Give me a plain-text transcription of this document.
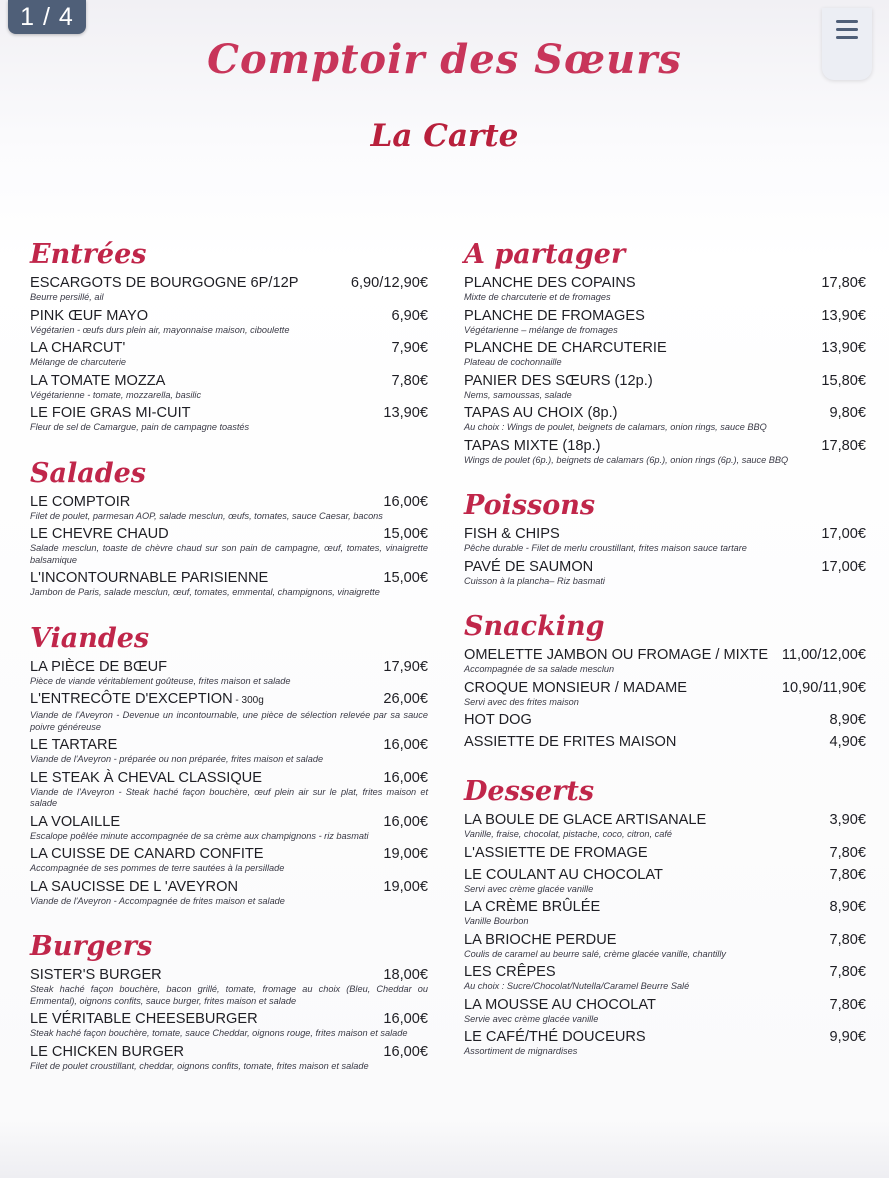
1 / 4
Comptoir des Sœurs
La Carte
Entrées
ESCARGOTS DE BOURGOGNE 6P/12P	6,90/12,90€
Beurre persillé, ail
PINK ŒUF MAYO	6,90€
Végétarien - œufs durs plein air, mayonnaise maison, ciboulette
LA CHARCUT'	7,90€
Mélange de charcuterie
LA TOMATE MOZZA	7,80€
Végétarienne - tomate, mozzarella, basilic
LE FOIE GRAS MI-CUIT	13,90€
Fleur de sel de Camargue, pain de campagne toastés
Salades
LE COMPTOIR	16,00€
Filet de poulet, parmesan AOP, salade mesclun, œufs, tomates, sauce Caesar, bacons
LE CHEVRE CHAUD	15,00€
Salade mesclun, toaste de chèvre chaud sur son pain de campagne, œuf, tomates, vinaigrette balsamique
L'INCONTOURNABLE PARISIENNE	15,00€
Jambon de Paris, salade mesclun, œuf, tomates, emmental, champignons, vinaigrette
Viandes
LA PIÈCE DE BŒUF	17,90€
Pièce de viande véritablement goûteuse, frites maison et salade
L'ENTRECÔTE D'EXCEPTION - 300g	26,00€
Viande de l'Aveyron - Devenue un incontournable, une pièce de sélection relevée par sa sauce poivre généreuse
LE TARTARE	16,00€
Viande de l'Aveyron - préparée ou non préparée, frites maison et salade
LE STEAK À CHEVAL CLASSIQUE	16,00€
Viande de l'Aveyron - Steak haché façon bouchère, œuf plein air sur le plat, frites maison et salade
LA VOLAILLE	16,00€
Escalope poêlée minute accompagnée de sa crème aux champignons - riz basmati
LA CUISSE DE CANARD CONFITE	19,00€
Accompagnée de ses pommes de terre sautées à la persillade
LA SAUCISSE DE L 'AVEYRON	19,00€
Viande de l'Aveyron - Accompagnée de frites maison et salade
Burgers
SISTER'S BURGER	18,00€
Steak haché façon bouchère, bacon grillé, tomate, fromage au choix (Bleu, Cheddar ou Emmental), oignons confits, sauce burger, frites maison et salade
LE VÉRITABLE CHEESEBURGER	16,00€
Steak haché façon bouchère, tomate, sauce Cheddar, oignons rouge, frites maison et salade
LE CHICKEN BURGER	16,00€
Filet de poulet croustillant, cheddar, oignons confits, tomate, frites maison et salade
A partager
PLANCHE DES COPAINS	17,80€
Mixte de charcuterie et de fromages
PLANCHE DE FROMAGES	13,90€
Végétarienne – mélange de fromages
PLANCHE DE CHARCUTERIE	13,90€
Plateau de cochonnaille
PANIER DES SŒURS (12p.)	15,80€
Nems, samoussas, salade
TAPAS AU CHOIX (8p.)	9,80€
Au choix : Wings de poulet, beignets de calamars, onion rings, sauce BBQ
TAPAS MIXTE (18p.)	17,80€
Wings de poulet (6p.), beignets de calamars (6p.), onion rings (6p.), sauce BBQ
Poissons
FISH & CHIPS	17,00€
Pêche durable - Filet de merlu croustillant, frites maison sauce tartare
PAVÉ DE SAUMON	17,00€
Cuisson à la plancha– Riz basmati
Snacking
OMELETTE JAMBON OU FROMAGE / MIXTE 11,00/12,00€
Accompagnée de sa salade mesclun
CROQUE MONSIEUR / MADAME	10,90/11,90€
Servi avec des frites maison
HOT DOG	8,90€
ASSIETTE DE FRITES MAISON	4,90€
Desserts
LA BOULE DE GLACE ARTISANALE	3,90€
Vanille, fraise, chocolat, pistache, coco, citron, café
L'ASSIETTE DE FROMAGE	7,80€
LE COULANT AU CHOCOLAT	7,80€
Servi avec crème glacée vanille
LA CRÈME BRÛLÉE	8,90€
Vanille Bourbon
LA BRIOCHE PERDUE	7,80€
Coulis de caramel au beurre salé, crème glacée vanille, chantilly
LES CRÊPES	7,80€
Au choix : Sucre/Chocolat/Nutella/Caramel Beurre Salé
LA MOUSSE AU CHOCOLAT	7,80€
Servie avec crème glacée vanille
LE CAFÉ/THÉ DOUCEURS	9,90€
Assortiment de mignardises
